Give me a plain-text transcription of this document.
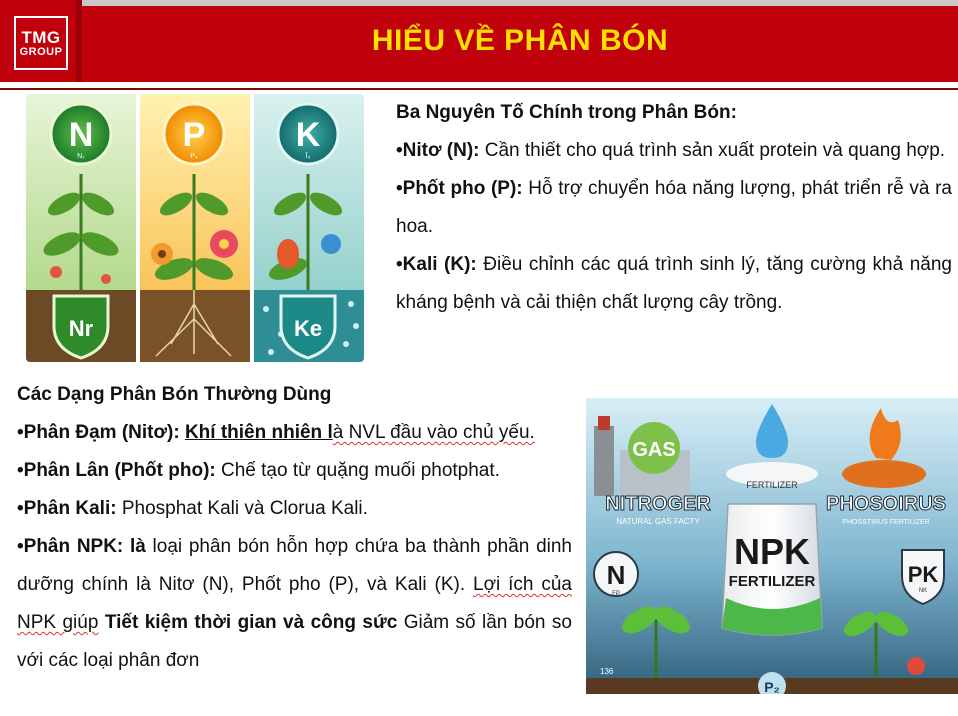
TMG
GROUP	HIỂU VỀ PHÂN BÓN
N	P	K
N₂	P₄	Ī₃
Nr	Ke
GAS
FERTILIZER
NITROGER
NATURAL GAS FACTY
PHOSOIRUS
PHOSSTIRUS FERTILIZER
NPK
FERTILIZER
N
FP
PK
NK
P₂
136

Ba Nguyên Tố Chính trong Phân Bón:

•Nitơ (N): Cần thiết cho quá trình sản xuất protein và quang hợp.

•Phốt pho (P): Hỗ trợ chuyển hóa năng lượng, phát triển rễ và ra hoa.

•Kali (K): Điều chỉnh các quá trình sinh lý, tăng cường khả năng kháng bệnh và cải thiện chất lượng cây trồng.

Các Dạng Phân Bón Thường Dùng

•Phân Đạm (Nitơ): Khí thiên nhiên là NVL đầu vào chủ yếu.

•Phân Lân (Phốt pho): Chế tạo từ quặng muối photphat.

•Phân Kali: Phosphat Kali và Clorua Kali.

•Phân NPK: là loại phân bón hỗn hợp chứa ba thành phần dinh dưỡng chính là Nitơ (N), Phốt pho (P), và Kali (K). Lợi ích của NPK giúp Tiết kiệm thời gian và công sức Giảm số lần bón so với các loại phân đơn
